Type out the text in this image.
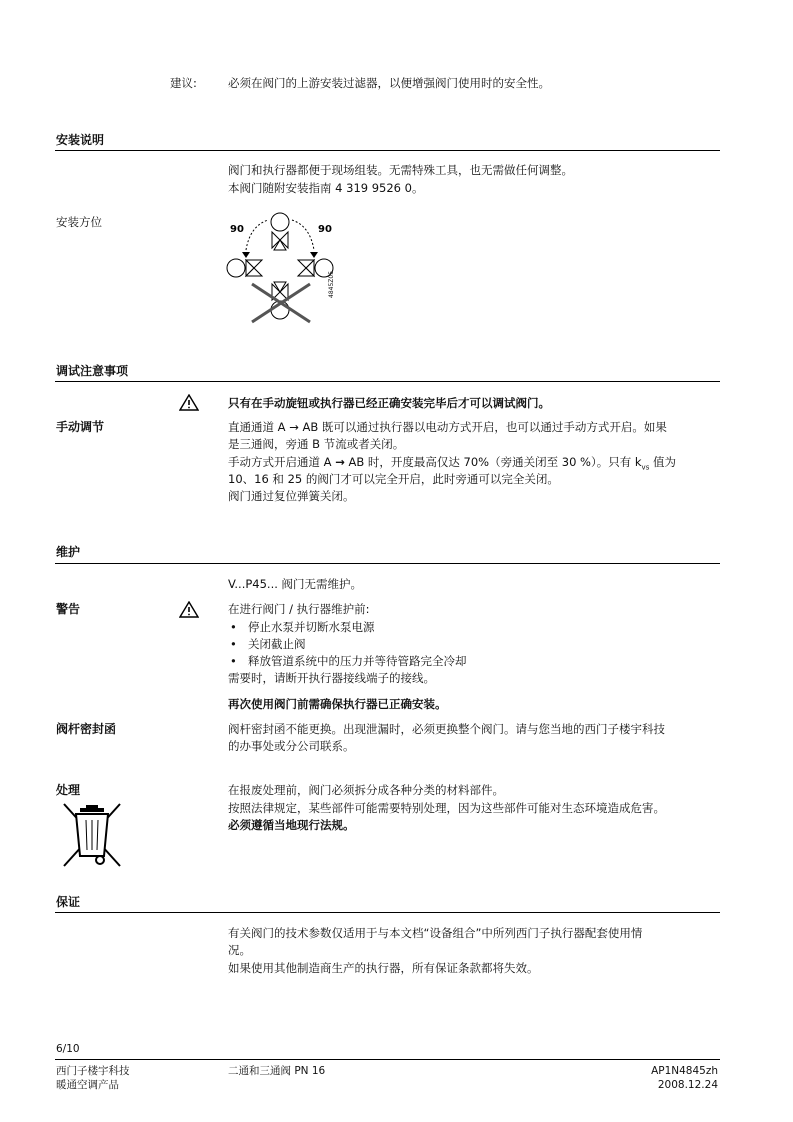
建议:	必须在阀门的上游安装过滤器，以便增强阀门使用时的安全性。
安装说明
阀门和执行器都便于现场组装。无需特殊工具，也无需做任何调整。
本阀门随附安装指南 4 319 9526 0。
安装方位
90	90
4845Z05
调试注意事项
只有在手动旋钮或执行器已经正确安装完毕后才可以调试阀门。
手动调节	直通通道 A → AB 既可以通过执行器以电动方式开启，也可以通过手动方式开启。如果
是三通阀，旁通 B 节流或者关闭。
手动方式开启通道 A → AB 时，开度最高仅达 70%（旁通关闭至 30 %）。只有 $k_{vs}$ 值为
10、16 和 25 的阀门才可以完全开启，此时旁通可以完全关闭。
阀门通过复位弹簧关闭。
维护
V...P45... 阀门无需维护。
警告	在进行阀门 / 执行器维护前:
• 停止水泵并切断水泵电源
• 关闭截止阀
• 释放管道系统中的压力并等待管路完全冷却
需要时，请断开执行器接线端子的接线。
再次使用阀门前需确保执行器已正确安装。
阀杆密封函	阀杆密封函不能更换。出现泄漏时，必须更换整个阀门。请与您当地的西门子楼宇科技
的办事处或分公司联系。
处理	在报废处理前，阀门必须拆分成各种分类的材料部件。
按照法律规定，某些部件可能需要特别处理，因为这些部件可能对生态环境造成危害。
必须遵循当地现行法规。
保证
有关阀门的技术参数仅适用于与本文档“设备组合”中所列西门子执行器配套使用情
况。
如果使用其他制造商生产的执行器，所有保证条款都将失效。
6/10
西门子楼宇科技
暖通空调产品
二通和三通阀 PN 16	AP1N4845zh
2008.12.24
